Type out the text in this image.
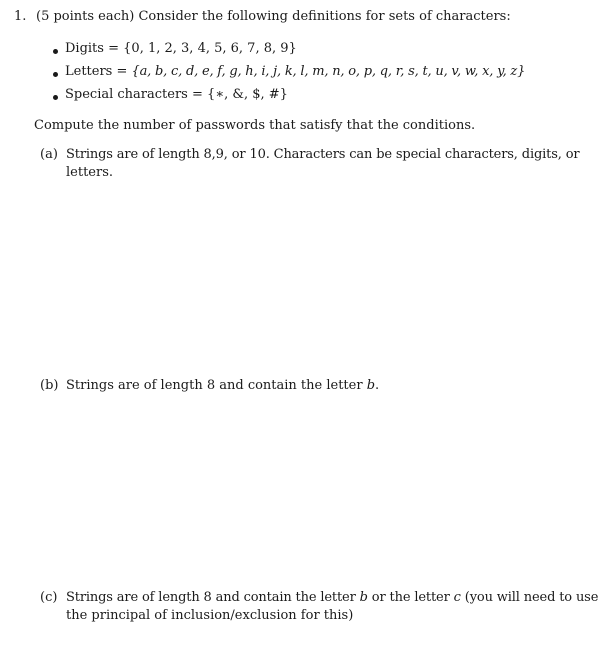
1. (5 points each) Consider the following definitions for sets of characters:
Digits = {0, 1, 2, 3, 4, 5, 6, 7, 8, 9}
Letters = {a, b, c, d, e, f, g, h, i, j, k, l, m, n, o, p, q, r, s, t, u, v, w, x, y, z}
Special characters = {∗, &, $, #}
Compute the number of passwords that satisfy that the conditions.
(a) Strings are of length 8,9, or 10. Characters can be special characters, digits, or
letters.
(b) Strings are of length 8 and contain the letter b.
(c) Strings are of length 8 and contain the letter b or the letter c (you will need to use
the principal of inclusion/exclusion for this)
